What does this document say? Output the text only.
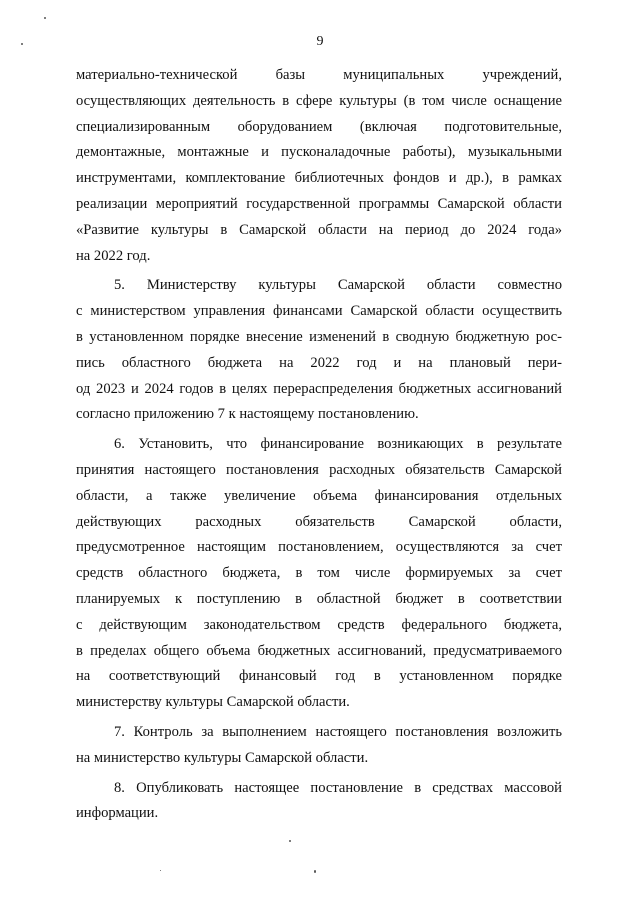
9
материально-технической базы муниципальных учреждений,
осуществляющих деятельность в сфере культуры (в том числе оснащение
специализированным оборудованием (включая подготовительные,
демонтажные, монтажные и пусконаладочные работы), музыкальными
инструментами, комплектование библиотечных фондов и др.), в рамках
реализации мероприятий государственной программы Самарской области
«Развитие культуры в Самарской области на период до 2024 года»
на 2022 год.
5. Министерству культуры Самарской области совместно
с министерством управления финансами Самарской области осуществить
в установленном порядке внесение изменений в сводную бюджетную рос-
пись областного бюджета на 2022 год и на плановый пери-
од 2023 и 2024 годов в целях перераспределения бюджетных ассигнований
согласно приложению 7 к настоящему постановлению.
6. Установить, что финансирование возникающих в результате
принятия настоящего постановления расходных обязательств Самарской
области, а также увеличение объема финансирования отдельных
действующих расходных обязательств Самарской области,
предусмотренное настоящим постановлением, осуществляются за счет
средств областного бюджета, в том числе формируемых за счет
планируемых к поступлению в областной бюджет в соответствии
с действующим законодательством средств федерального бюджета,
в пределах общего объема бюджетных ассигнований, предусматриваемого
на соответствующий финансовый год в установленном порядке
министерству культуры Самарской области.
7. Контроль за выполнением настоящего постановления возложить
на министерство культуры Самарской области.
8. Опубликовать настоящее постановление в средствах массовой
информации.
